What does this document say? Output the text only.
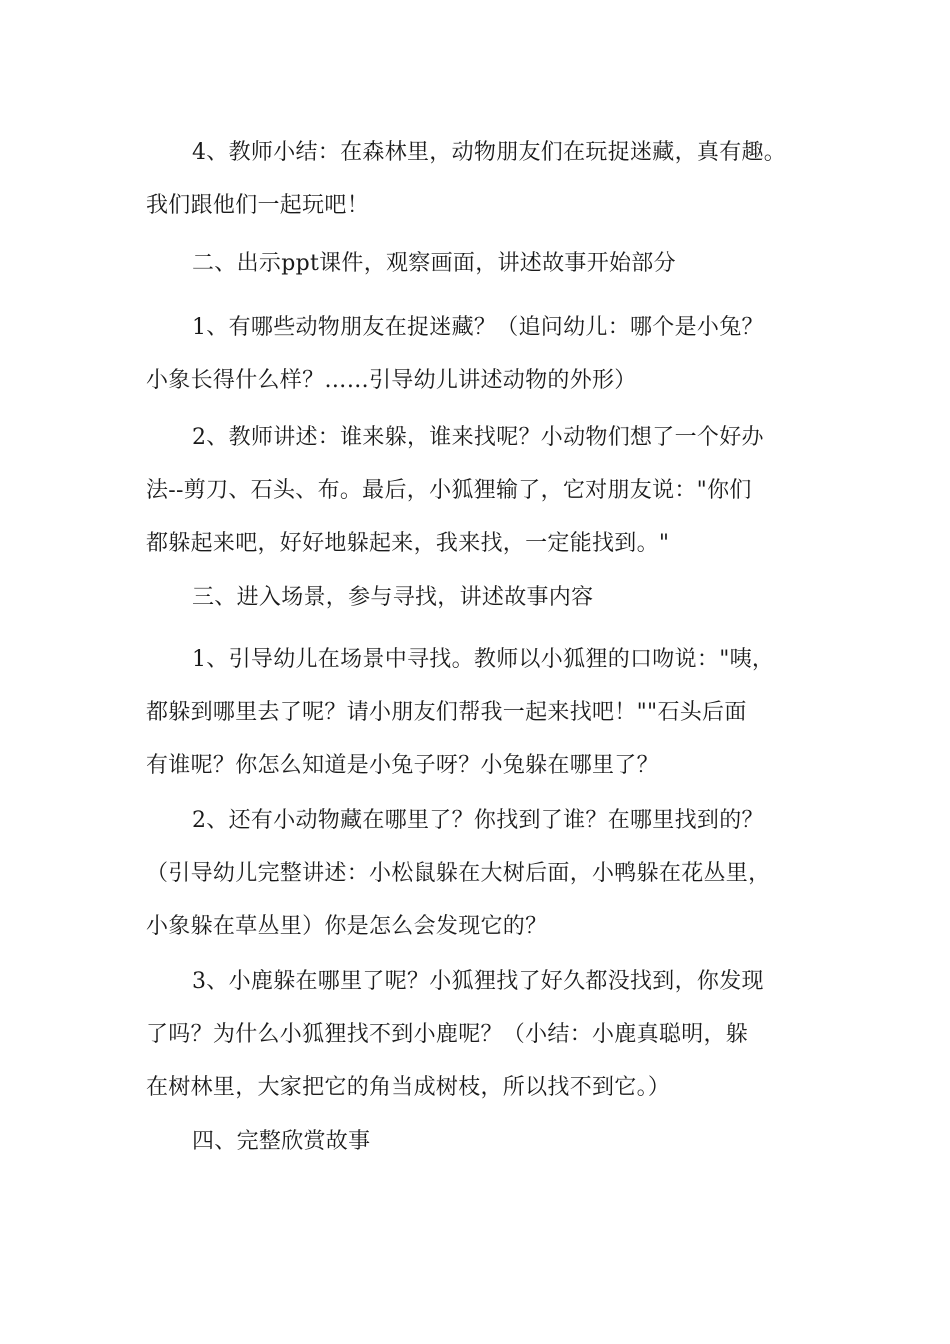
4、教师小结：在森林里，动物朋友们在玩捉迷藏，真有趣。
我们跟他们一起玩吧！

二、出示ppt课件，观察画面，讲述故事开始部分

1、有哪些动物朋友在捉迷藏？（追问幼儿：哪个是小兔？
小象长得什么样？……引导幼儿讲述动物的外形）

2、教师讲述：谁来躲，谁来找呢？小动物们想了一个好办
法--剪刀、石头、布。最后，小狐狸输了，它对朋友说："你们
都躲起来吧，好好地躲起来，我来找，一定能找到。"

三、进入场景，参与寻找，讲述故事内容

1、引导幼儿在场景中寻找。教师以小狐狸的口吻说："咦，
都躲到哪里去了呢？请小朋友们帮我一起来找吧！""石头后面
有谁呢？你怎么知道是小兔子呀？小兔躲在哪里了？

2、还有小动物藏在哪里了？你找到了谁？在哪里找到的？
（引导幼儿完整讲述：小松鼠躲在大树后面，小鸭躲在花丛里，
小象躲在草丛里）你是怎么会发现它的？

3、小鹿躲在哪里了呢？小狐狸找了好久都没找到，你发现
了吗？为什么小狐狸找不到小鹿呢？（小结：小鹿真聪明，躲
在树林里，大家把它的角当成树枝，所以找不到它。）

四、完整欣赏故事
